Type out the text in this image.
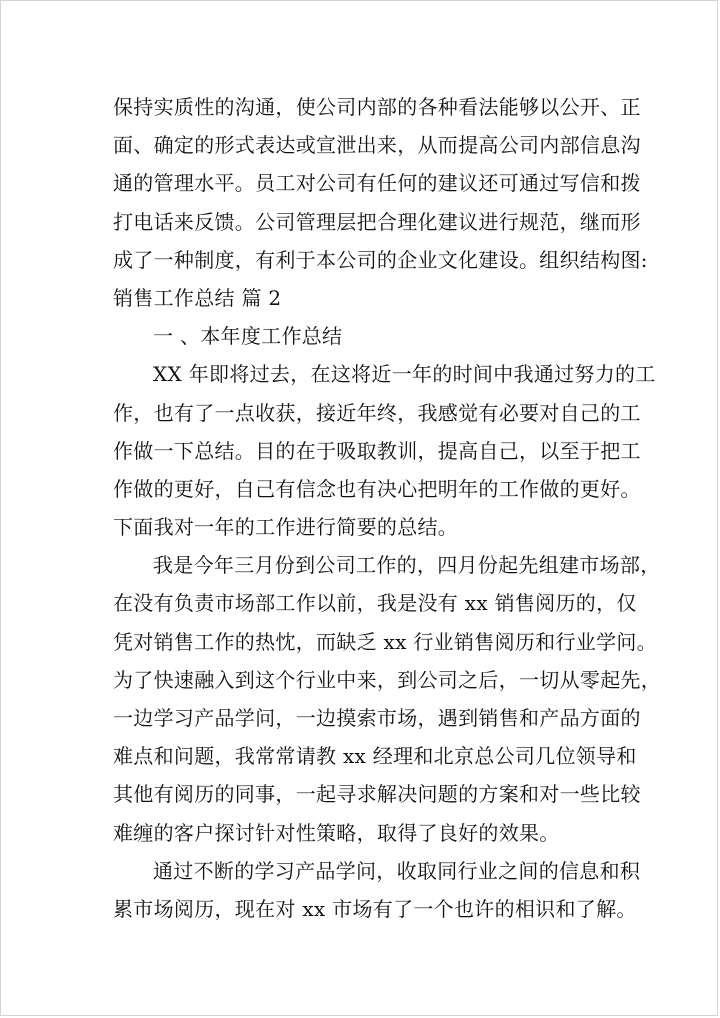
保持实质性的沟通，使公司内部的各种看法能够以公开、正
面、确定的形式表达或宣泄出来，从而提高公司内部信息沟
通的管理水平。员工对公司有任何的建议还可通过写信和拨
打电话来反馈。公司管理层把合理化建议进行规范，继而形
成了一种制度，有利于本公司的企业文化建设。组织结构图:
销售工作总结 篇 2
一 、本年度工作总结
XX 年即将过去，在这将近一年的时间中我通过努力的工
作，也有了一点收获，接近年终，我感觉有必要对自己的工
作做一下总结。目的在于吸取教训，提高自己，以至于把工
作做的更好，自己有信念也有决心把明年的工作做的更好。
下面我对一年的工作进行简要的总结。
我是今年三月份到公司工作的，四月份起先组建市场部，
在没有负责市场部工作以前，我是没有 xx 销售阅历的，仅
凭对销售工作的热忱，而缺乏 xx 行业销售阅历和行业学问。
为了快速融入到这个行业中来，到公司之后，一切从零起先，
一边学习产品学问，一边摸索市场，遇到销售和产品方面的
难点和问题，我常常请教 xx 经理和北京总公司几位领导和
其他有阅历的同事，一起寻求解决问题的方案和对一些比较
难缠的客户探讨针对性策略，取得了良好的效果。
通过不断的学习产品学问，收取同行业之间的信息和积
累市场阅历，现在对 xx 市场有了一个也许的相识和了解。
